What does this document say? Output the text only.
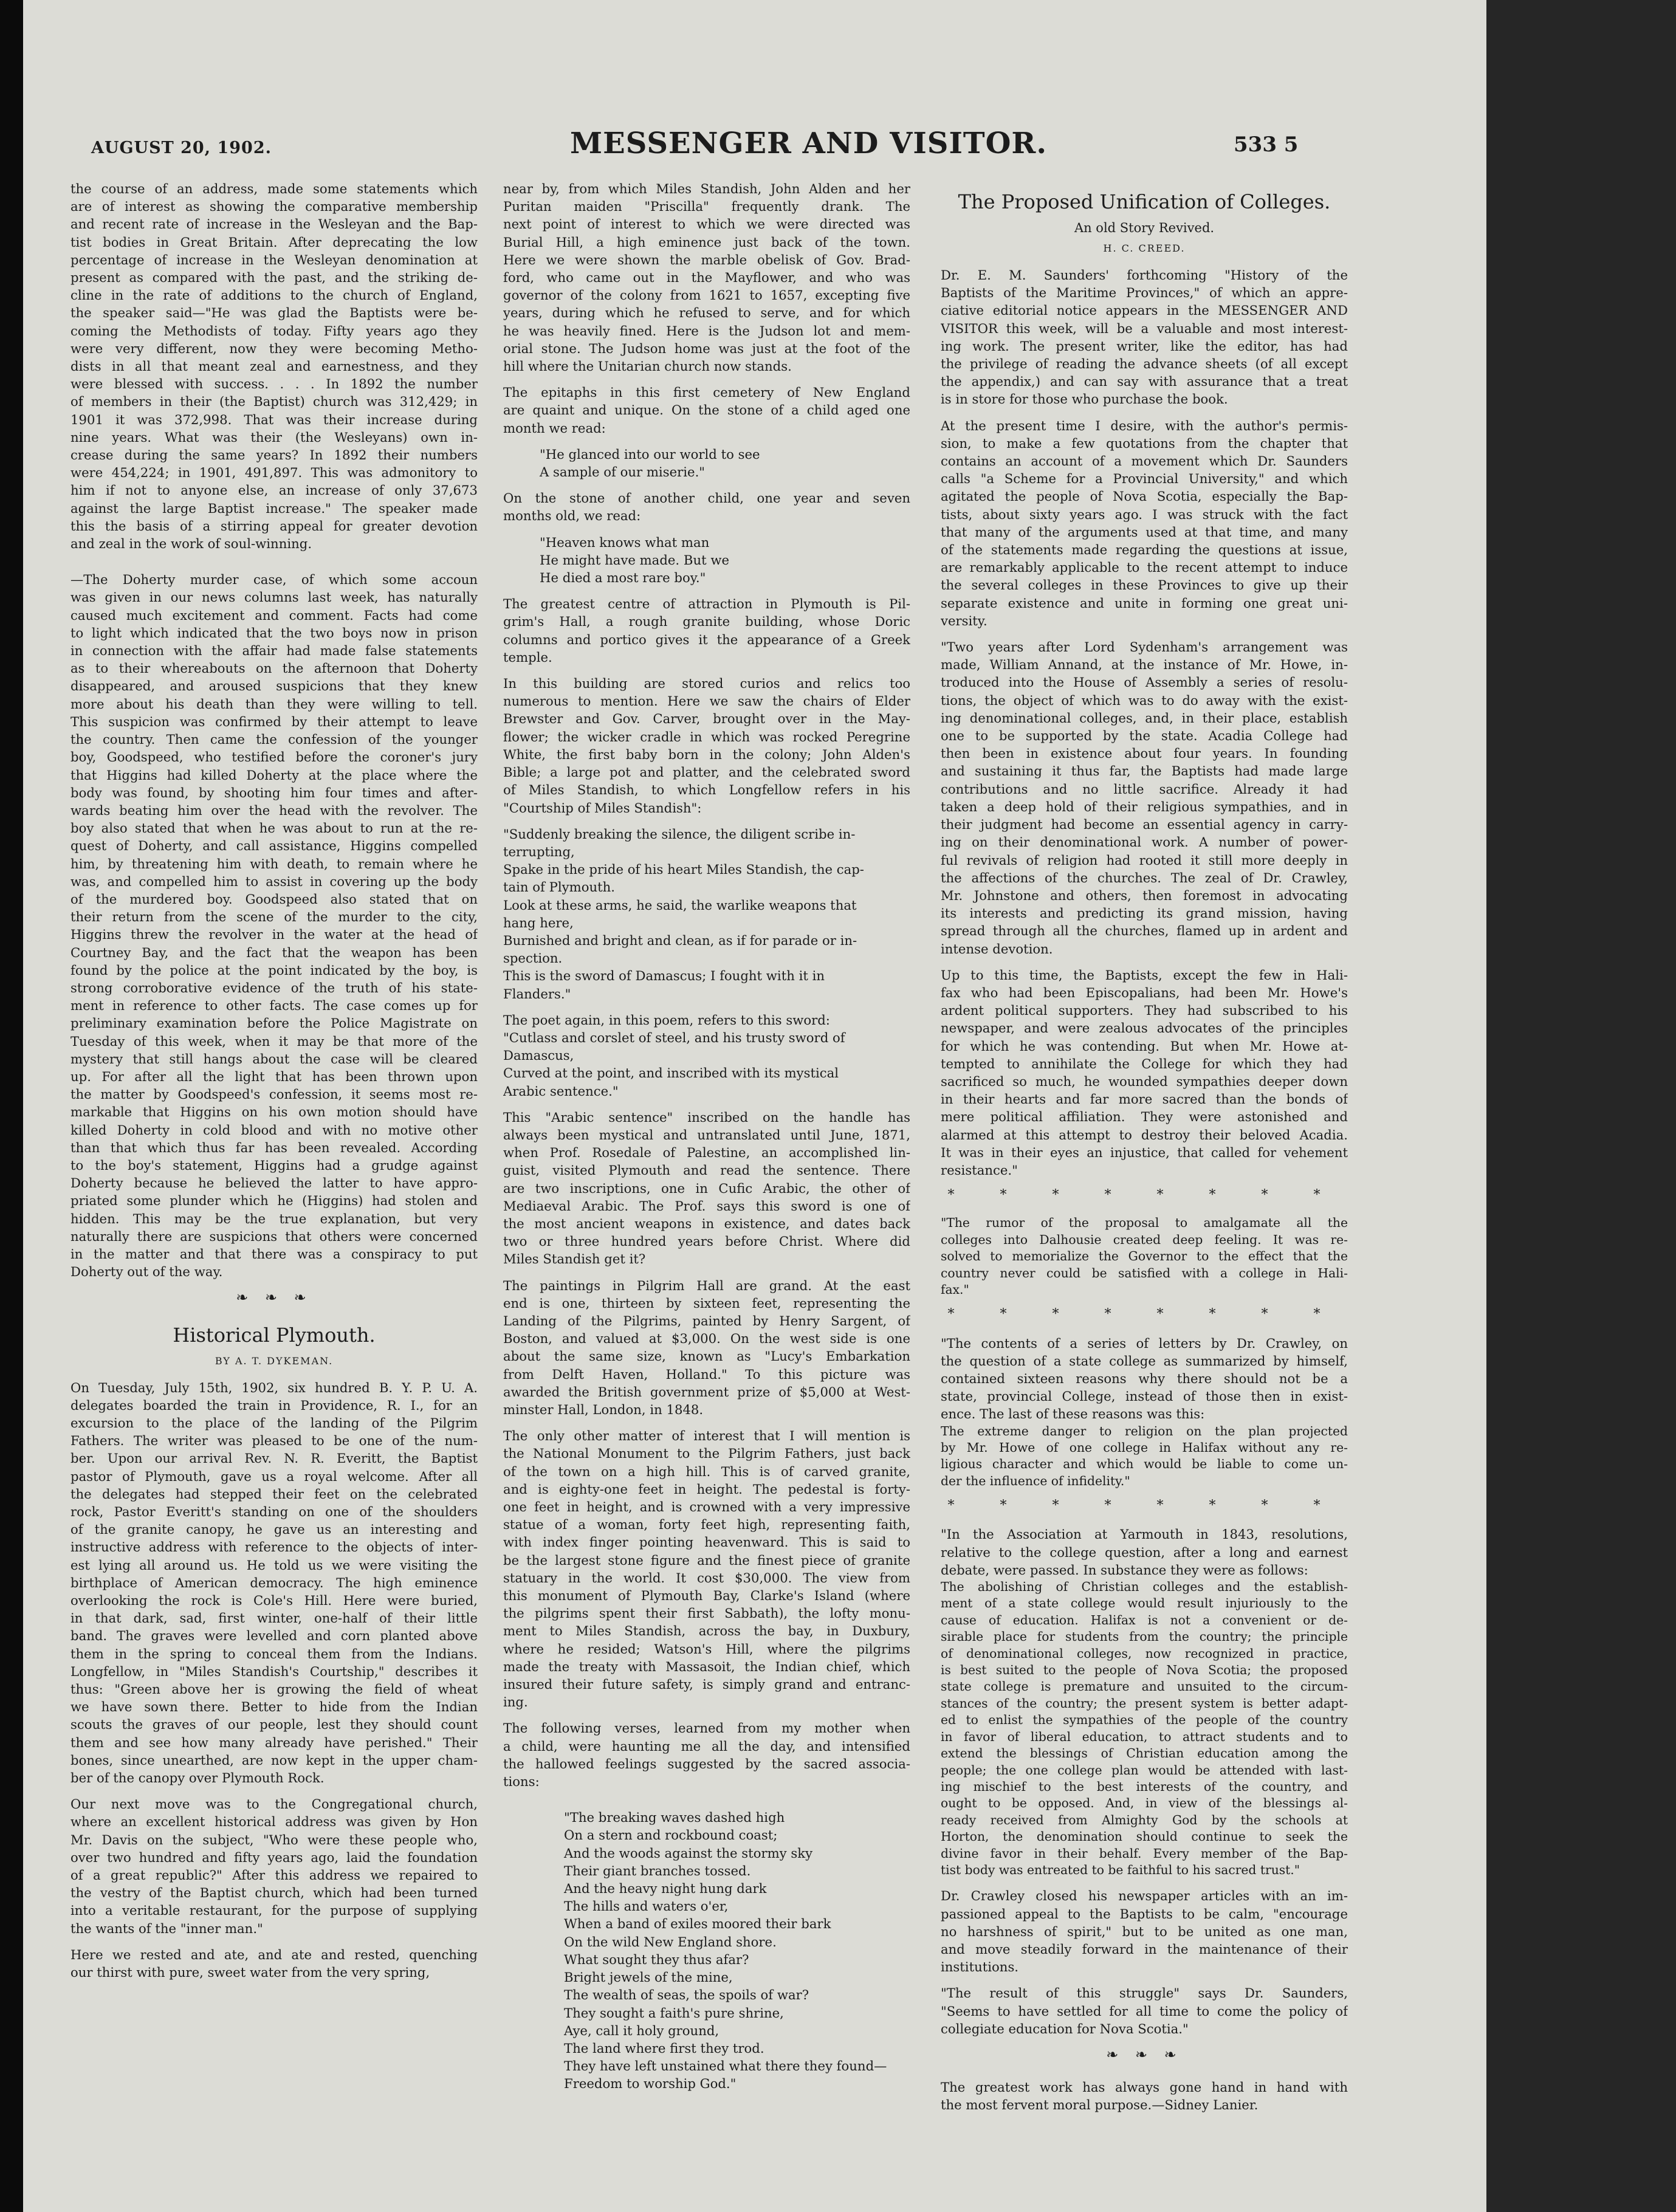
AUGUST 20, 1902.	MESSENGER AND VISITOR.	533 5
the course of an address, made some statements which
are of interest as showing the comparative membership
and recent rate of increase in the Wesleyan and the Bap-
tist bodies in Great Britain. After deprecating the low
percentage of increase in the Wesleyan denomination at
present as compared with the past, and the striking de-
cline in the rate of additions to the church of England,
the speaker said—"He was glad the Baptists were be-
coming the Methodists of today. Fifty years ago they
were very different, now they were becoming Metho-
dists in all that meant zeal and earnestness, and they
were blessed with success. . . . In 1892 the number
of members in their (the Baptist) church was 312,429; in
1901 it was 372,998. That was their increase during
nine years. What was their (the Wesleyans) own in-
crease during the same years? In 1892 their numbers
were 454,224; in 1901, 491,897. This was admonitory to
him if not to anyone else, an increase of only 37,673
against the large Baptist increase." The speaker made
this the basis of a stirring appeal for greater devotion
and zeal in the work of soul-winning.
—The Doherty murder case, of which some accoun
was given in our news columns last week, has naturally
caused much excitement and comment. Facts had come
to light which indicated that the two boys now in prison
in connection with the affair had made false statements
as to their whereabouts on the afternoon that Doherty
disappeared, and aroused suspicions that they knew
more about his death than they were willing to tell.
This suspicion was confirmed by their attempt to leave
the country. Then came the confession of the younger
boy, Goodspeed, who testified before the coroner's jury
that Higgins had killed Doherty at the place where the
body was found, by shooting him four times and after-
wards beating him over the head with the revolver. The
boy also stated that when he was about to run at the re-
quest of Doherty, and call assistance, Higgins compelled
him, by threatening him with death, to remain where he
was, and compelled him to assist in covering up the body
of the murdered boy. Goodspeed also stated that on
their return from the scene of the murder to the city,
Higgins threw the revolver in the water at the head of
Courtney Bay, and the fact that the weapon has been
found by the police at the point indicated by the boy, is
strong corroborative evidence of the truth of his state-
ment in reference to other facts. The case comes up for
preliminary examination before the Police Magistrate on
Tuesday of this week, when it may be that more of the
mystery that still hangs about the case will be cleared
up. For after all the light that has been thrown upon
the matter by Goodspeed's confession, it seems most re-
markable that Higgins on his own motion should have
killed Doherty in cold blood and with no motive other
than that which thus far has been revealed. According
to the boy's statement, Higgins had a grudge against
Doherty because he believed the latter to have appro-
priated some plunder which he (Higgins) had stolen and
hidden. This may be the true explanation, but very
naturally there are suspicions that others were concerned
in the matter and that there was a conspiracy to put
Doherty out of the way.
❧ ❧ ❧
Historical Plymouth.
BY A. T. DYKEMAN.
On Tuesday, July 15th, 1902, six hundred B. Y. P. U. A.
delegates boarded the train in Providence, R. I., for an
excursion to the place of the landing of the Pilgrim
Fathers. The writer was pleased to be one of the num-
ber. Upon our arrival Rev. N. R. Everitt, the Baptist
pastor of Plymouth, gave us a royal welcome. After all
the delegates had stepped their feet on the celebrated
rock, Pastor Everitt's standing on one of the shoulders
of the granite canopy, he gave us an interesting and
instructive address with reference to the objects of inter-
est lying all around us. He told us we were visiting the
birthplace of American democracy. The high eminence
overlooking the rock is Cole's Hill. Here were buried,
in that dark, sad, first winter, one-half of their little
band. The graves were levelled and corn planted above
them in the spring to conceal them from the Indians.
Longfellow, in "Miles Standish's Courtship," describes it
thus: "Green above her is growing the field of wheat
we have sown there. Better to hide from the Indian
scouts the graves of our people, lest they should count
them and see how many already have perished." Their
bones, since unearthed, are now kept in the upper cham-
ber of the canopy over Plymouth Rock.
Our next move was to the Congregational church,
where an excellent historical address was given by Hon
Mr. Davis on the subject, "Who were these people who,
over two hundred and fifty years ago, laid the foundation
of a great republic?" After this address we repaired to
the vestry of the Baptist church, which had been turned
into a veritable restaurant, for the purpose of supplying
the wants of the "inner man."
Here we rested and ate, and ate and rested, quenching
our thirst with pure, sweet water from the very spring,
near by, from which Miles Standish, John Alden and her
Puritan maiden "Priscilla" frequently drank. The
next point of interest to which we were directed was
Burial Hill, a high eminence just back of the town.
Here we were shown the marble obelisk of Gov. Brad-
ford, who came out in the Mayflower, and who was
governor of the colony from 1621 to 1657, excepting five
years, during which he refused to serve, and for which
he was heavily fined. Here is the Judson lot and mem-
orial stone. The Judson home was just at the foot of the
hill where the Unitarian church now stands.
The epitaphs in this first cemetery of New England
are quaint and unique. On the stone of a child aged one
month we read:
"He glanced into our world to see
A sample of our miserie."
On the stone of another child, one year and seven
months old, we read:
"Heaven knows what man
He might have made. But we
He died a most rare boy."
The greatest centre of attraction in Plymouth is Pil-
grim's Hall, a rough granite building, whose Doric
columns and portico gives it the appearance of a Greek
temple.
In this building are stored curios and relics too
numerous to mention. Here we saw the chairs of Elder
Brewster and Gov. Carver, brought over in the May-
flower; the wicker cradle in which was rocked Peregrine
White, the first baby born in the colony; John Alden's
Bible; a large pot and platter, and the celebrated sword
of Miles Standish, to which Longfellow refers in his
"Courtship of Miles Standish":
"Suddenly breaking the silence, the diligent scribe in-
terrupting,
Spake in the pride of his heart Miles Standish, the cap-
tain of Plymouth.
Look at these arms, he said, the warlike weapons that
hang here,
Burnished and bright and clean, as if for parade or in-
spection.
This is the sword of Damascus; I fought with it in
Flanders."
The poet again, in this poem, refers to this sword:
"Cutlass and corslet of steel, and his trusty sword of
Damascus,
Curved at the point, and inscribed with its mystical
Arabic sentence."
This "Arabic sentence" inscribed on the handle has
always been mystical and untranslated until June, 1871,
when Prof. Rosedale of Palestine, an accomplished lin-
guist, visited Plymouth and read the sentence. There
are two inscriptions, one in Cufic Arabic, the other of
Mediaeval Arabic. The Prof. says this sword is one of
the most ancient weapons in existence, and dates back
two or three hundred years before Christ. Where did
Miles Standish get it?
The paintings in Pilgrim Hall are grand. At the east
end is one, thirteen by sixteen feet, representing the
Landing of the Pilgrims, painted by Henry Sargent, of
Boston, and valued at $3,000. On the west side is one
about the same size, known as "Lucy's Embarkation
from Delft Haven, Holland." To this picture was
awarded the British government prize of $5,000 at West-
minster Hall, London, in 1848.
The only other matter of interest that I will mention is
the National Monument to the Pilgrim Fathers, just back
of the town on a high hill. This is of carved granite,
and is eighty-one feet in height. The pedestal is forty-
one feet in height, and is crowned with a very impressive
statue of a woman, forty feet high, representing faith,
with index finger pointing heavenward. This is said to
be the largest stone figure and the finest piece of granite
statuary in the world. It cost $30,000. The view from
this monument of Plymouth Bay, Clarke's Island (where
the pilgrims spent their first Sabbath), the lofty monu-
ment to Miles Standish, across the bay, in Duxbury,
where he resided; Watson's Hill, where the pilgrims
made the treaty with Massasoit, the Indian chief, which
insured their future safety, is simply grand and entranc-
ing.
The following verses, learned from my mother when
a child, were haunting me all the day, and intensified
the hallowed feelings suggested by the sacred associa-
tions:
"The breaking waves dashed high
On a stern and rockbound coast;
And the woods against the stormy sky
Their giant branches tossed.
And the heavy night hung dark
The hills and waters o'er,
When a band of exiles moored their bark
On the wild New England shore.
What sought they thus afar?
Bright jewels of the mine,
The wealth of seas, the spoils of war?
They sought a faith's pure shrine,
Aye, call it holy ground,
The land where first they trod.
They have left unstained what there they found—
Freedom to worship God."
The Proposed Unification of Colleges.
An old Story Revived.
H. C. CREED.
Dr. E. M. Saunders' forthcoming "History of the
Baptists of the Maritime Provinces," of which an appre-
ciative editorial notice appears in the MESSENGER AND
VISITOR this week, will be a valuable and most interest-
ing work. The present writer, like the editor, has had
the privilege of reading the advance sheets (of all except
the appendix,) and can say with assurance that a treat
is in store for those who purchase the book.
At the present time I desire, with the author's permis-
sion, to make a few quotations from the chapter that
contains an account of a movement which Dr. Saunders
calls "a Scheme for a Provincial University," and which
agitated the people of Nova Scotia, especially the Bap-
tists, about sixty years ago. I was struck with the fact
that many of the arguments used at that time, and many
of the statements made regarding the questions at issue,
are remarkably applicable to the recent attempt to induce
the several colleges in these Provinces to give up their
separate existence and unite in forming one great uni-
versity.
"Two years after Lord Sydenham's arrangement was
made, William Annand, at the instance of Mr. Howe, in-
troduced into the House of Assembly a series of resolu-
tions, the object of which was to do away with the exist-
ing denominational colleges, and, in their place, establish
one to be supported by the state. Acadia College had
then been in existence about four years. In founding
and sustaining it thus far, the Baptists had made large
contributions and no little sacrifice. Already it had
taken a deep hold of their religious sympathies, and in
their judgment had become an essential agency in carry-
ing on their denominational work. A number of power-
ful revivals of religion had rooted it still more deeply in
the affections of the churches. The zeal of Dr. Crawley,
Mr. Johnstone and others, then foremost in advocating
its interests and predicting its grand mission, having
spread through all the churches, flamed up in ardent and
intense devotion.
Up to this time, the Baptists, except the few in Hali-
fax who had been Episcopalians, had been Mr. Howe's
ardent political supporters. They had subscribed to his
newspaper, and were zealous advocates of the principles
for which he was contending. But when Mr. Howe at-
tempted to annihilate the College for which they had
sacrificed so much, he wounded sympathies deeper down
in their hearts and far more sacred than the bonds of
mere political affiliation. They were astonished and
alarmed at this attempt to destroy their beloved Acadia.
It was in their eyes an injustice, that called for vehement
resistance."
* * * * * * * *
"The rumor of the proposal to amalgamate all the
colleges into Dalhousie created deep feeling. It was re-
solved to memorialize the Governor to the effect that the
country never could be satisfied with a college in Hali-
fax."
* * * * * * * *
"The contents of a series of letters by Dr. Crawley, on
the question of a state college as summarized by himself,
contained sixteen reasons why there should not be a
state, provincial College, instead of those then in exist-
ence. The last of these reasons was this:
The extreme danger to religion on the plan projected
by Mr. Howe of one college in Halifax without any re-
ligious character and which would be liable to come un-
der the influence of infidelity."
* * * * * * * *
"In the Association at Yarmouth in 1843, resolutions,
relative to the college question, after a long and earnest
debate, were passed. In substance they were as follows:
The abolishing of Christian colleges and the establish-
ment of a state college would result injuriously to the
cause of education. Halifax is not a convenient or de-
sirable place for students from the country; the principle
of denominational colleges, now recognized in practice,
is best suited to the people of Nova Scotia; the proposed
state college is premature and unsuited to the circum-
stances of the country; the present system is better adapt-
ed to enlist the sympathies of the people of the country
in favor of liberal education, to attract students and to
extend the blessings of Christian education among the
people; the one college plan would be attended with last-
ing mischief to the best interests of the country, and
ought to be opposed. And, in view of the blessings al-
ready received from Almighty God by the schools at
Horton, the denomination should continue to seek the
divine favor in their behalf. Every member of the Bap-
tist body was entreated to be faithful to his sacred trust."
Dr. Crawley closed his newspaper articles with an im-
passioned appeal to the Baptists to be calm, "encourage
no harshness of spirit," but to be united as one man,
and move steadily forward in the maintenance of their
institutions.
"The result of this struggle" says Dr. Saunders,
"Seems to have settled for all time to come the policy of
collegiate education for Nova Scotia."
❧ ❧ ❧
The greatest work has always gone hand in hand with
the most fervent moral purpose.—Sidney Lanier.
